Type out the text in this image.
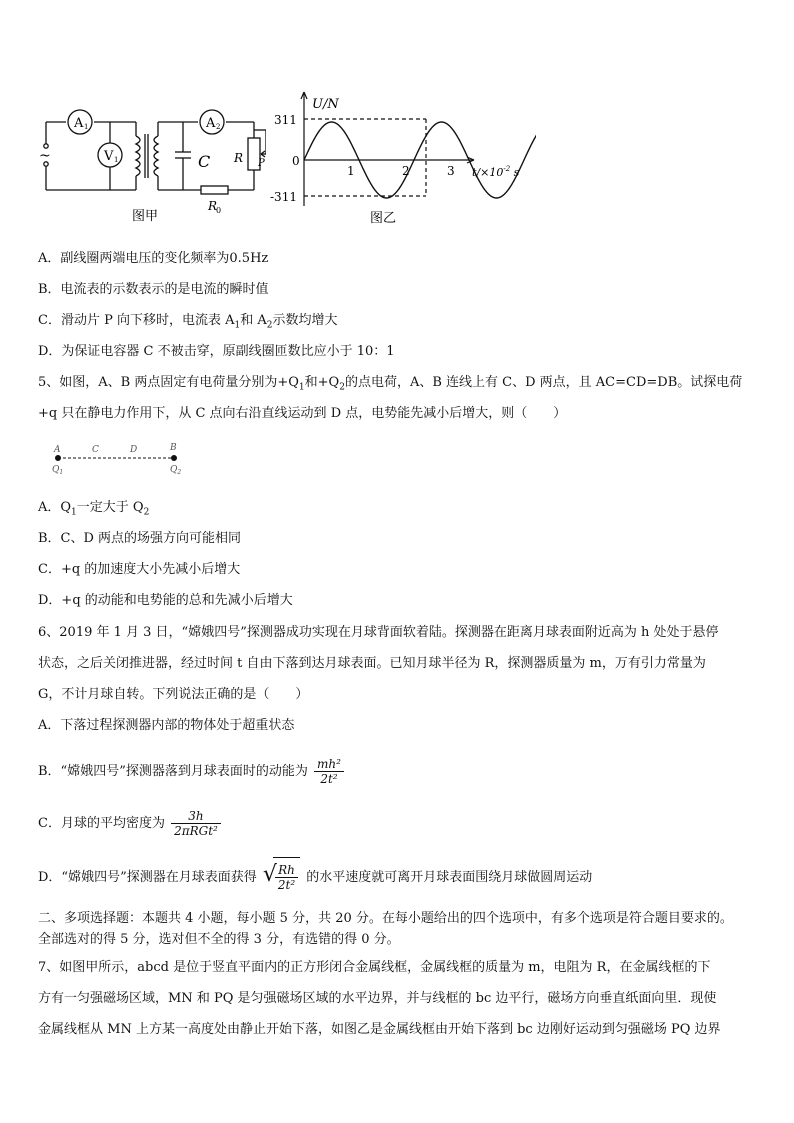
~
A 1
V 1
A 2
C R P
R
0
图甲
U/N
311
0
-311
1	2	3 $t/\times 10^{-2}$ s
图乙
A．副线圈两端电压的变化频率为0.5Hz
B．电流表的示数表示的是电流的瞬时值
C．滑动片 P 向下移时，电流表 $A_1$和 $A_2$示数均增大
D．为保证电容器 C 不被击穿，原副线圈匝数比应小于 10：1
5、如图，A、B 两点固定有电荷量分别为$+Q_1$和$+Q_2$的点电荷，A、B 连线上有 C、D 两点，且 AC=CD=DB。试探电荷
+q 只在静电力作用下，从 C 点向右沿直线运动到 D 点，电势能先减小后增大，则（　　）
A	C	D	B
$Q_1$	$Q_2$
A．$Q_1$一定大于 $Q_2$
B．C、D 两点的场强方向可能相同
C．+q 的加速度大小先减小后增大
D．+q 的动能和电势能的总和先减小后增大
6、2019 年 1 月 3 日，“嫦娥四号”探测器成功实现在月球背面软着陆。探测器在距离月球表面附近高为 h 处处于悬停
状态，之后关闭推进器，经过时间 t 自由下落到达月球表面。已知月球半径为 R，探测器质量为 m，万有引力常量为
G，不计月球自转。下列说法正确的是（　　）
A．下落过程探测器内部的物体处于超重状态
B．“嫦娥四号”探测器落到月球表面时的动能为 $\frac{\text{mh²}}{\text{2t²}}$
C．月球的平均密度为 $\frac{3h}{\text{2πRGt²}}$
D．“嫦娥四号”探测器在月球表面获得 √
$\frac{Rh}{\text{2t²}}$ 的水平速度就可离开月球表面围绕月球做圆周运动
二、多项选择题：本题共 4 小题，每小题 5 分，共 20 分。在每小题给出的四个选项中，有多个选项是符合题目要求的。
全部选对的得 5 分，选对但不全的得 3 分，有选错的得 0 分。
7、如图甲所示，abcd 是位于竖直平面内的正方形闭合金属线框，金属线框的质量为 m，电阻为 R，在金属线框的下
方有一匀强磁场区域，MN 和 PQ 是匀强磁场区域的水平边界，并与线框的 bc 边平行，磁场方向垂直纸面向里．现使
金属线框从 MN 上方某一高度处由静止开始下落，如图乙是金属线框由开始下落到 bc 边刚好运动到匀强磁场 PQ 边界
